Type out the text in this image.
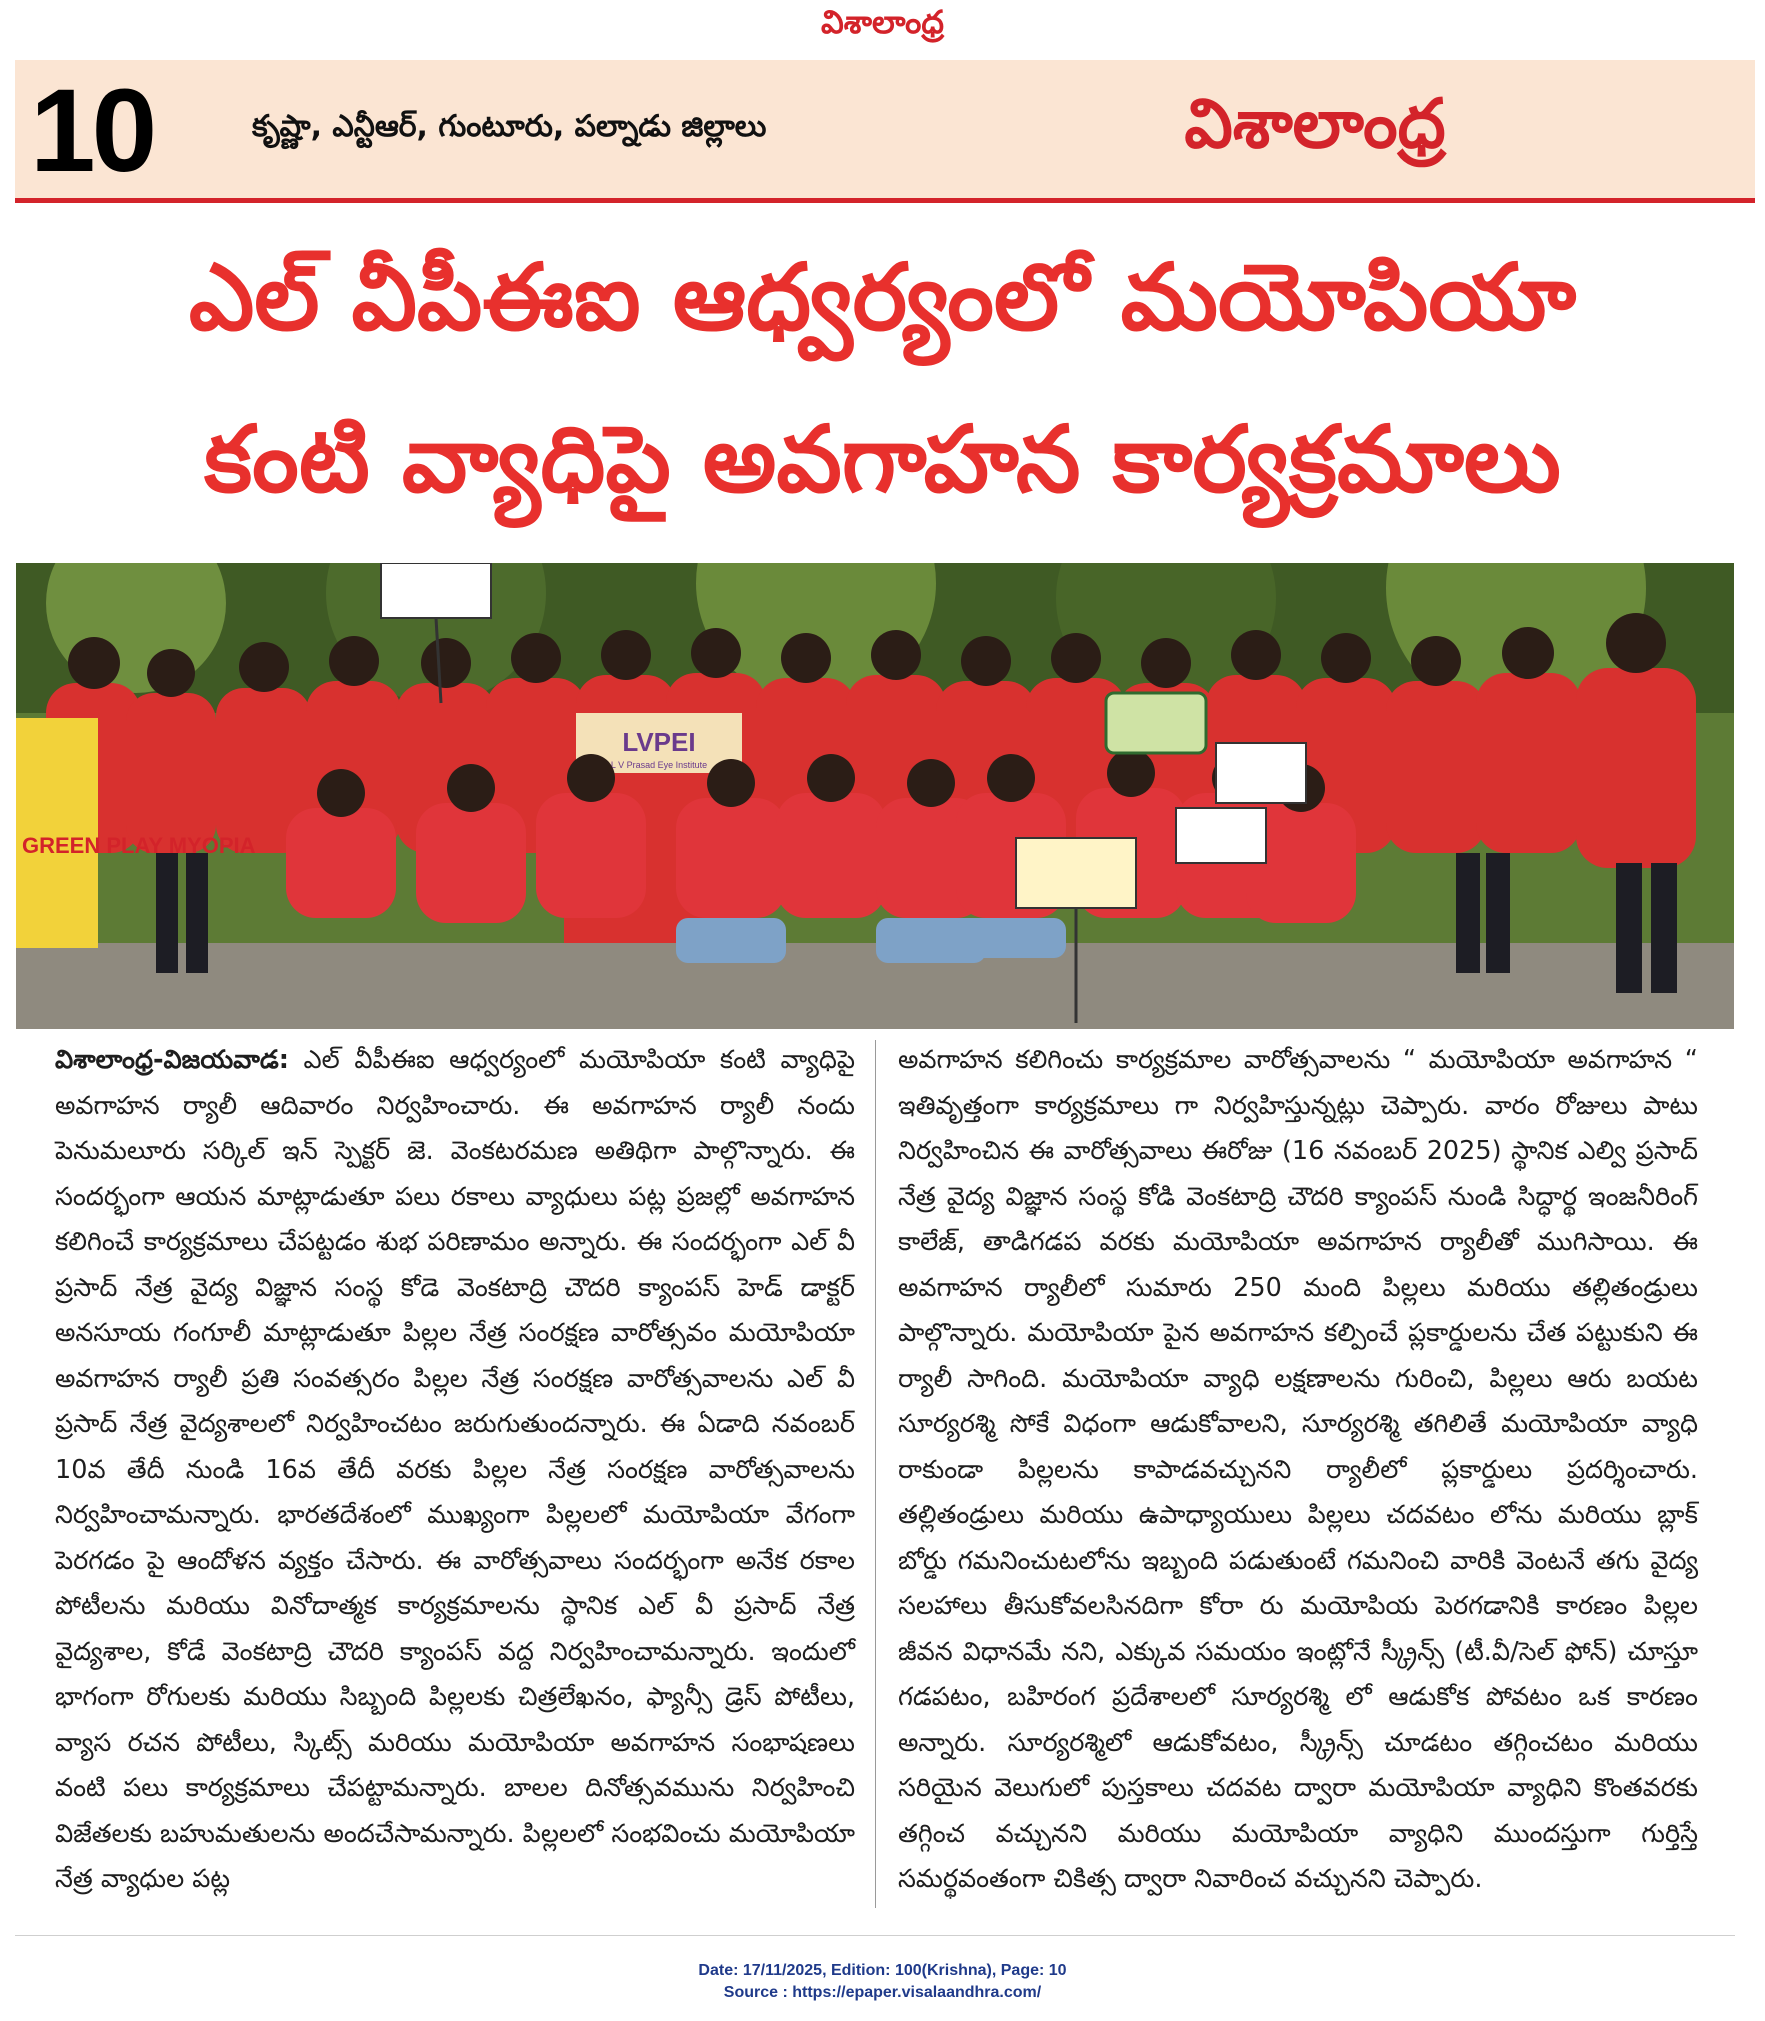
విశాలాంధ్ర
10	కృష్ణా, ఎన్టీఆర్, గుంటూరు, పల్నాడు జిల్లాలు	విశాలాంధ్ర
ఎల్ వీపీఈఐ ఆధ్వర్యంలో మయోపియా
కంటి వ్యాధిపై అవగాహన కార్యక్రమాలు
GREEN PLAY MYOPIA
LVPEI
L V Prasad Eye Institute
విశాలాంధ్ర-విజయవాడ: ఎల్ వీపీఈఐ ఆధ్వర్యంలో మయోపియా కంటి వ్యాధిపై అవగాహన ర్యాలీ ఆదివారం నిర్వహించారు. ఈ అవగాహన ర్యాలీ నందు పెనుమలూరు సర్కిల్ ఇన్ స్పెక్టర్ జె. వెంకటరమణ అతిథిగా పాల్గొన్నారు. ఈ సందర్భంగా ఆయన మాట్లాడుతూ పలు రకాలు వ్యాధులు పట్ల ప్రజల్లో అవగాహన కలిగించే కార్యక్రమాలు చేపట్టడం శుభ పరిణామం అన్నారు. ఈ సందర్భంగా ఎల్ వీ ప్రసాద్ నేత్ర వైద్య విజ్ఞాన సంస్థ కోడె వెంకటాద్రి చౌదరి క్యాంపస్ హెడ్ డాక్టర్ అనసూయ గంగూలీ మాట్లాడుతూ పిల్లల నేత్ర సంరక్షణ వారోత్సవం మయోపియా అవగాహన ర్యాలీ ప్రతి సంవత్సరం పిల్లల నేత్ర సంరక్షణ వారోత్సవాలను ఎల్ వీ ప్రసాద్ నేత్ర వైద్యశాలలో నిర్వహించటం జరుగుతుందన్నారు. ఈ ఏడాది నవంబర్ 10వ తేదీ నుండి 16వ తేదీ వరకు పిల్లల నేత్ర సంరక్షణ వారోత్సవాలను నిర్వహించామన్నారు. భారతదేశంలో ముఖ్యంగా పిల్లలలో మయోపియా వేగంగా పెరగడం పై ఆందోళన వ్యక్తం చేసారు. ఈ వారోత్సవాలు సందర్భంగా అనేక రకాల పోటీలను మరియు వినోదాత్మక కార్యక్రమాలను స్థానిక ఎల్ వీ ప్రసాద్ నేత్ర వైద్యశాల, కోడే వెంకటాద్రి చౌదరి క్యాంపస్ వద్ద నిర్వహించామన్నారు. ఇందులో భాగంగా రోగులకు మరియు సిబ్బంది పిల్లలకు చిత్రలేఖనం, ఫ్యాన్సీ డ్రెస్ పోటీలు, వ్యాస రచన పోటీలు, స్కిట్స్ మరియు మయోపియా అవగాహన సంభాషణలు వంటి పలు కార్యక్రమాలు చేపట్టామన్నారు. బాలల దినోత్సవమును నిర్వహించి విజేతలకు బహుమతులను అందచేసామన్నారు. పిల్లలలో సంభవించు మయోపియా నేత్ర వ్యాధుల పట్ల
అవగాహన కలిగించు కార్యక్రమాల వారోత్సవాలను “ మయోపియా అవగాహన “ ఇతివృత్తంగా కార్యక్రమాలు గా నిర్వహిస్తున్నట్లు చెప్పారు. వారం రోజులు పాటు నిర్వహించిన ఈ వారోత్సవాలు ఈరోజు (16 నవంబర్ 2025) స్థానిక ఎల్వి ప్రసాద్ నేత్ర వైద్య విజ్ఞాన సంస్థ కోడి వెంకటాద్రి చౌదరి క్యాంపస్ నుండి సిద్ధార్థ ఇంజనీరింగ్ కాలేజ్, తాడిగడప వరకు మయోపియా అవగాహన ర్యాలీతో ముగిసాయి. ఈ అవగాహన ర్యాలీలో సుమారు 250 మంది పిల్లలు మరియు తల్లితండ్రులు పాల్గొన్నారు. మయోపియా పైన అవగాహన కల్పించే ప్లకార్డులను చేత పట్టుకుని ఈ ర్యాలీ సాగింది. మయోపియా వ్యాధి లక్షణాలను గురించి, పిల్లలు ఆరు బయట సూర్యరశ్మి సోకే విధంగా ఆడుకోవాలని, సూర్యరశ్మి తగిలితే మయోపియా వ్యాధి రాకుండా పిల్లలను కాపాడవచ్చునని ర్యాలీలో ప్లకార్డులు ప్రదర్శించారు. తల్లితండ్రులు మరియు ఉపాధ్యాయులు పిల్లలు చదవటం లోను మరియు బ్లాక్ బోర్డు గమనించుటలోను ఇబ్బంది పడుతుంటే గమనించి వారికి వెంటనే తగు వైద్య సలహాలు తీసుకోవలసినదిగా కోరా రు మయోపియ పెరగడానికి కారణం పిల్లల జీవన విధానమే నని, ఎక్కువ సమయం ఇంట్లోనే స్క్రీన్స్ (టీ.వీ/సెల్ ఫోన్) చూస్తూ గడపటం, బహిరంగ ప్రదేశాలలో సూర్యరశ్మి లో ఆడుకోక పోవటం ఒక కారణం అన్నారు. సూర్యరశ్మిలో ఆడుకోవటం, స్క్రీన్స్ చూడటం తగ్గించటం మరియు సరియైన వెలుగులో పుస్తకాలు చదవట ద్వారా మయోపియా వ్యాధిని కొంతవరకు తగ్గించ వచ్చునని మరియు మయోపియా వ్యాధిని ముందస్తుగా గుర్తిస్తే సమర్థవంతంగా చికిత్స ద్వారా నివారించ వచ్చునని చెప్పారు.
Date: 17/11/2025, Edition: 100(Krishna), Page: 10
Source : https://epaper.visalaandhra.com/
